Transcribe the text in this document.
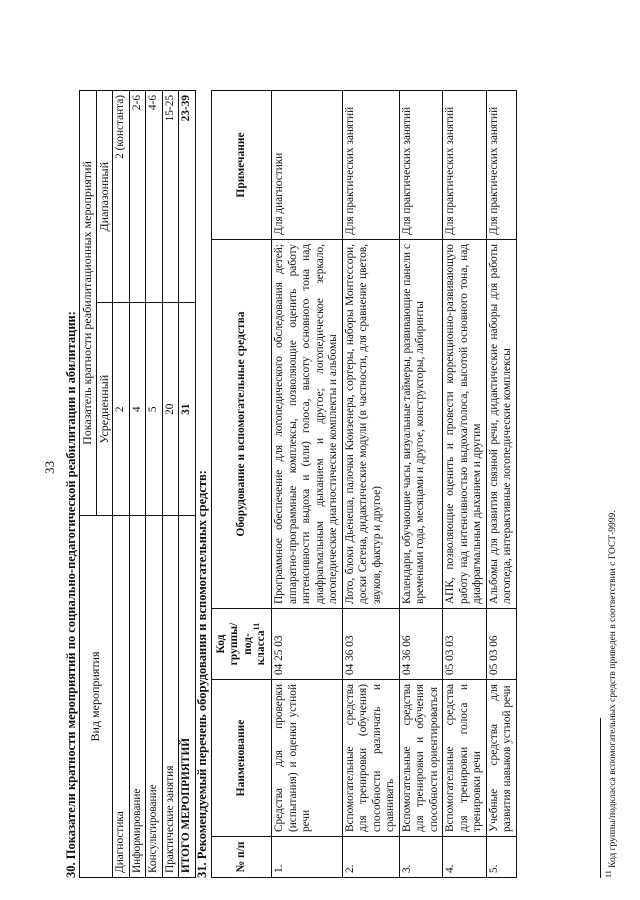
33 30. Показатели кратности мероприятий по социально-педагогической реабилитации и абилитации: Вид мероприятия	Показатель кратности реабилитационных мероприятий	
	Усредненный	Диапазонный
Диагностика	2	2 (константа)
Информирование	4	2-6
Консультирование	5	4-6
Практические занятия	20	15-25
ИТОГО МЕРОПРИЯТИЙ	31	23-39
31. Рекомендуемый перечень оборудования и вспомогательных средств: № п/п	Наименование	Код группы/под-класса$^{11}$	Оборудование и вспомогательные средства	Примечание
1.	Средства для проверки (испытания) и оценки устной речи	04 25 03	Программное обеспечение для логопедического обследования детей; аппаратно-программные комплексы, позволяющие оценить работу интенсивности выдоха и (или) голоса, высоту основного тона над диафрагмальным дыханием и другое; логопедическое зеркало, логопедические диагностические комплекты и альбомы	Для диагностики
2.	Вспомогательные средства для тренировки (обучения) способности различать и сравнивать	04 36 03	Лото, блоки Дьенеша, палочки Кюизенера, сортеры, наборы Монтессори, доски Сегена, дидактические модули (в частности, для сравнение цветов, звуков, фактур и другое)	Для практических занятий
3.	Вспомогательные средства для тренировки и обучения способности ориентироваться	04 36 06	Календари, обучающие часы, визуальные таймеры, развивающие панели с временами года, месяцами и другое, конструкторы, лабиринты	Для практических занятий
4.	Вспомогательные средства для тренировки голоса и тренировки речи	05 03 03	АПК, позволяющие оценить и провести коррекционно-развивающую работу над интенсивностью выдоха/голоса, высотой основного тона, над диафрагмальным дыханием и другим	Для практических занятий
5.	Учебные средства для развития навыков устной речи	05 03 06	Альбомы для развития связной речи, дидактические наборы для работы логопеда, интерактивные логопедические комплексы	Для практических занятий
$^{11}$ Код группы/подкласса вспомогательных средств приведен в соответствии с ГОСТ-9999.
